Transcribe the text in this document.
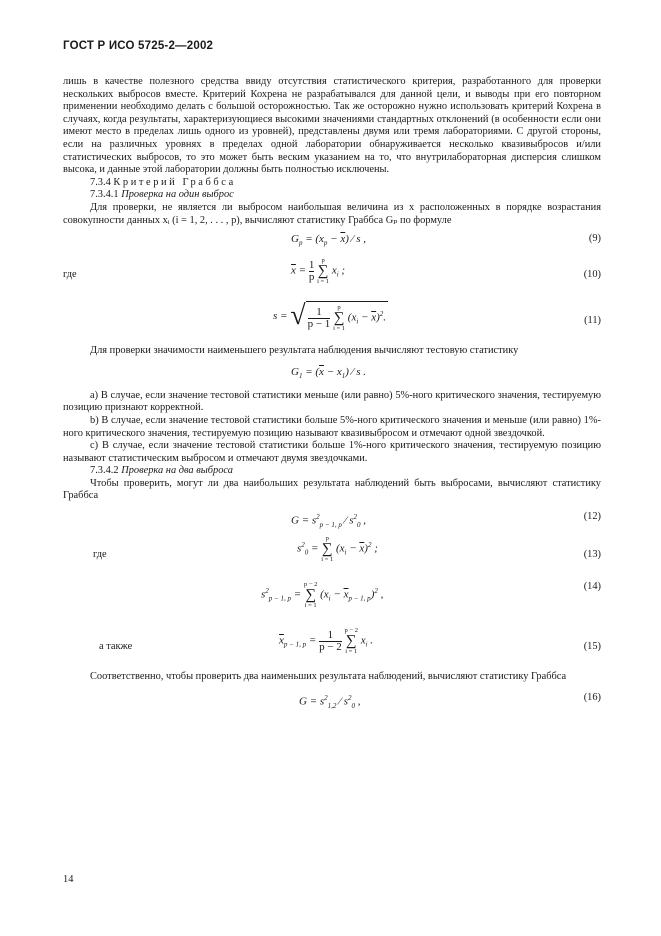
ГОСТ Р ИСО 5725-2—2002

лишь в качестве полезного средства ввиду отсутствия статистического критерия, разработанного для проверки нескольких выбросов вместе. Критерий Кохрена не разрабатывался для данной цели, и выводы при его повторном применении необходимо делать с большой осторожностью. Так же осторожно нужно использовать критерий Кохрена в случаях, когда результаты, характеризующиеся высокими значениями стандартных отклонений (в особенности если они имеют место в пределах лишь одного из уровней), представлены двумя или тремя лабораториями. С другой стороны, если на различных уровнях в пределах одной лаборатории обнаруживается несколько квазивыбросов и/или статистических выбросов, то это может быть веским указанием на то, что внутрилабораторная дисперсия слишком высока, и данные этой лаборатории должны быть полностью исключены.

7.3.4 Критерий Граббса

7.3.4.1 Проверка на один выброс

Для проверки, не является ли выбросом наибольшая величина из x расположенных в порядке возрастания совокупности данных xᵢ (i = 1, 2, . . . , p), вычисляют статистику Граббса Gₚ по формуле

$G_p = (x_p - \overline{x})$ ⁄ s ,	(9)
где	$\overline{x} = \frac{1}{p}$
	p
∑
i = 1
$x_i$ ;	(10)
s = √ $\frac{1}{p - 1}$
	p
∑
i = 1
$(x_i - \overline{x})^2$.	(11)

Для проверки значимости наименьшего результата наблюдения вычисляют тестовую статистику

$G_1 = (\overline{x} - x_1)$ ⁄ s .

a) В случае, если значение тестовой статистики меньше (или равно) 5%-ного критического значения, тестируемую позицию признают корректной.

b) В случае, если значение тестовой статистики больше 5%-ного критического значения и меньше (или равно) 1%-ного критического значения, тестируемую позицию называют квазивыбросом и отмечают одной звездочкой.

c) В случае, если значение тестовой статистики больше 1%-ного критического значения, тестируемую позицию называют статистическим выбросом и отмечают двумя звездочками.

7.3.4.2 Проверка на два выброса

Чтобы проверить, могут ли два наибольших результата наблюдений быть выбросами, вычисляют статистику Граббса

$G = s^2_{p - 1, p}$ ⁄ $s^2_0$ ,	(12)
где	$s^2_0$ =
p
∑
i = 1
$(x_i - \overline{x})^2$ ;	(13)
$s^2_{p - 1, p}$ =
p − 2
∑
i = 1
$(x_i - \overline{x}_{p - 1, p})^2$ ,
(14)
а также	$\overline{x}_{p - 1, p} = \frac{1}{p - 2}$
p − 2
∑
i = 1
$x_i$ .	(15)

Соответственно, чтобы проверить два наименьших результата наблюдений, вычисляют статистику Граббса

$G = s^2_{1,2}$ ⁄ $s^2_0$ ,	(16)
14
